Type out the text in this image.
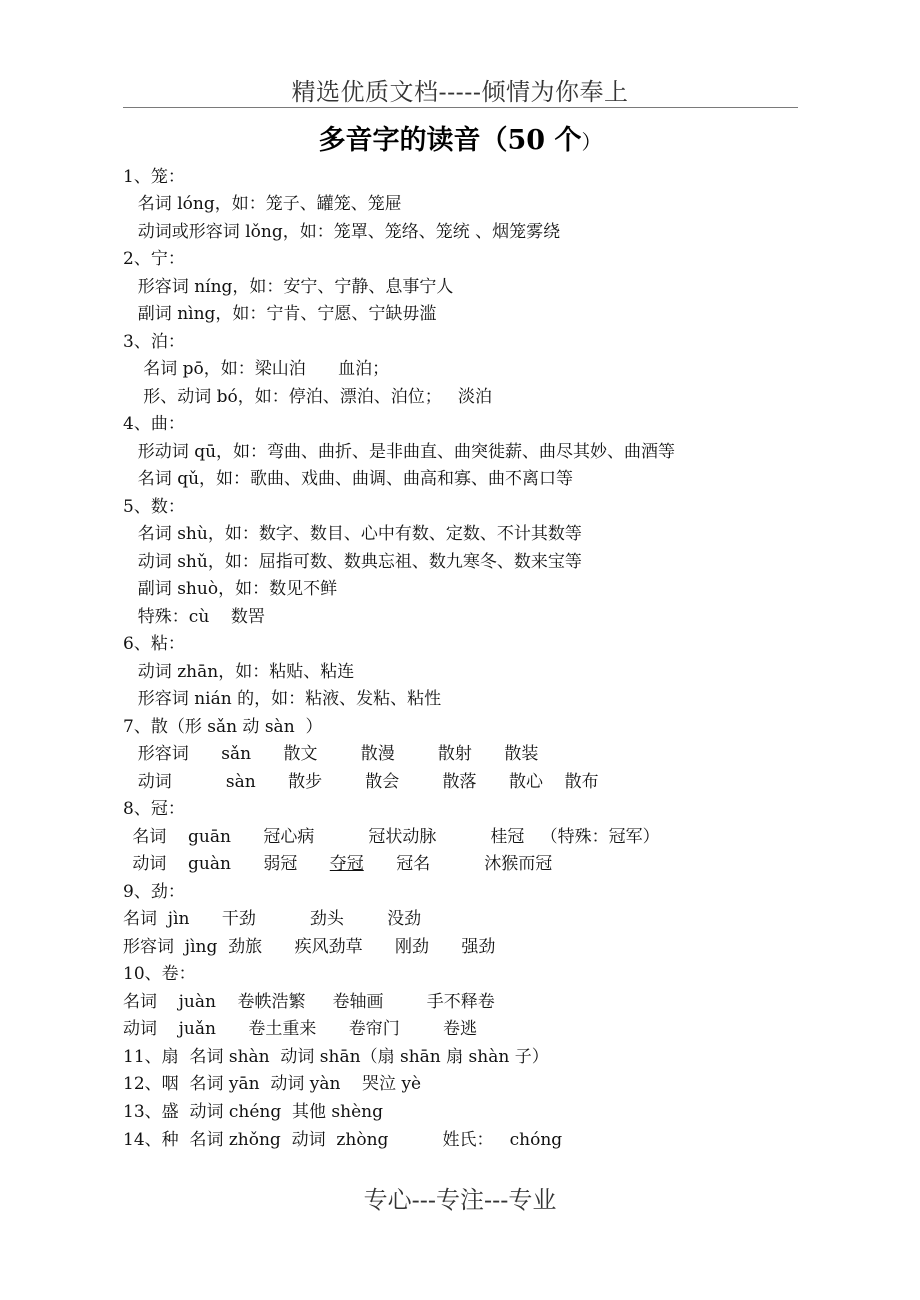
精选优质文档-----倾情为你奉上
多音字的读音（50 个）
1、笼：
名词 lóng，如：笼子、罐笼、笼屉
动词或形容词 lǒng，如：笼罩、笼络、笼统 、烟笼雾绕
2、宁：
形容词 níng，如：安宁、宁静、息事宁人
副词 nìng，如：宁肯、宁愿、宁缺毋滥
3、泊：
名词 pō，如：梁山泊      血泊；
形、动词 bó，如：停泊、漂泊、泊位；   淡泊
4、曲：
形动词 qū，如：弯曲、曲折、是非曲直、曲突徙薪、曲尽其妙、曲酒等
名词 qǔ，如：歌曲、戏曲、曲调、曲高和寡、曲不离口等
5、数：
名词 shù，如：数字、数目、心中有数、定数、不计其数等
动词 shǔ，如：屈指可数、数典忘祖、数九寒冬、数来宝等
副词 shuò，如：数见不鲜
特殊：cù    数罟
6、粘：
动词 zhān，如：粘贴、粘连
形容词 nián 的，如：粘液、发粘、粘性
7、散（形 sǎn 动 sàn  ）
形容词      sǎn      散文        散漫        散射      散装
动词          sàn      散步        散会        散落      散心    散布
8、冠：
名词    guān      冠心病          冠状动脉          桂冠   （特殊：冠军）
动词    guàn      弱冠      夺冠      冠名          沐猴而冠
9、劲：
名词  jìn      干劲          劲头        没劲
形容词  jìng  劲旅      疾风劲草      刚劲      强劲
10、卷：
名词    juàn    卷帙浩繁     卷轴画        手不释卷
动词    juǎn      卷土重来      卷帘门        卷逃
11、扇  名词 shàn  动词 shān（扇 shān 扇 shàn 子）
12、咽  名词 yān  动词 yàn    哭泣 yè
13、盛  动词 chéng  其他 shèng
14、种  名词 zhǒng  动词  zhòng          姓氏：   chóng
专心---专注---专业
